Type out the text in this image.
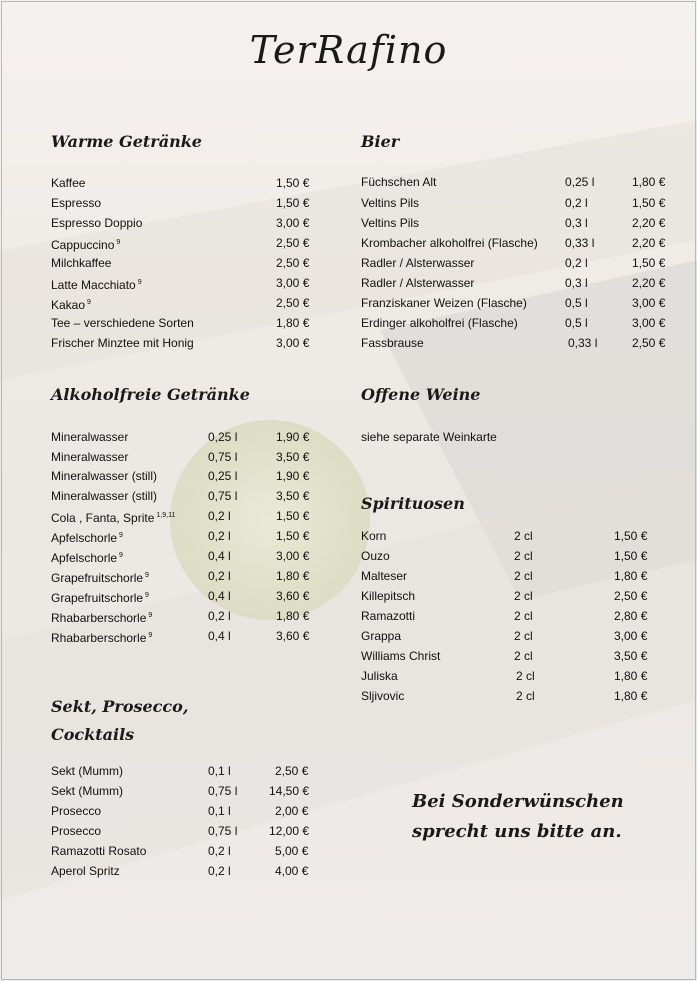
TerRafino
Warme Getränke
Kaffee	1,50 €
Espresso	1,50 €
Espresso Doppio	3,00 €
Cappuccino $^9$	2,50 €
Milchkaffee	2,50 €
Latte Macchiato $^9$	3,00 €
Kakao $^9$	2,50 €
Tee – verschiedene Sorten	1,80 €
Frischer Minztee mit Honig	3,00 €
Alkoholfreie Getränke
Mineralwasser	0,25 l	1,90 €
Mineralwasser	0,75 l	3,50 €
Mineralwasser (still)	0,25 l	1,90 €
Mineralwasser (still)	0,75 l	3,50 €
Cola , Fanta, Sprite $^{1,9,11}$	0,2 l	1,50 €
Apfelschorle $^9$	0,2 l	1,50 €
Apfelschorle $^9$	0,4 l	3,00 €
Grapefruitschorle $^9$	0,2 l	1,80 €
Grapefruitschorle $^9$	0,4 l	3,60 €
Rhabarberschorle $^9$	0,2 l	1,80 €
Rhabarberschorle $^9$	0,4 l	3,60 €
Sekt, Prosecco,
Cocktails
Sekt (Mumm)	0,1 l	2,50 €
Sekt (Mumm)	0,75 l	14,50 €
Prosecco	0,1 l	2,00 €
Prosecco	0,75 l	12,00 €
Ramazotti Rosato	0,2 l	5,00 €
Aperol Spritz	0,2 l	4,00 €
Bier
Füchschen Alt	0,25 l	1,80 €
Veltins Pils	0,2 l	1,50 €
Veltins Pils	0,3 l	2,20 €
Krombacher alkoholfrei (Flasche) 0,33 l	2,20 €
Radler / Alsterwasser	0,2 l	1,50 €
Radler / Alsterwasser	0,3 l	2,20 €
Franziskaner Weizen (Flasche)	0,5 l	3,00 €
Erdinger alkoholfrei (Flasche)	0,5 l	3,00 €
Fassbrause	0,33 l	2,50 €
Offene Weine
siehe separate Weinkarte
Spirituosen
Korn	2 cl	1,50 €
Ouzo	2 cl	1,50 €
Malteser	2 cl	1,80 €
Killepitsch	2 cl	2,50 €
Ramazotti	2 cl	2,80 €
Grappa	2 cl	3,00 €
Williams Christ	2 cl	3,50 €
Juliska	2 cl	1,80 €
Sljivovic	2 cl	1,80 €
Bei Sonderwünschen
sprecht uns bitte an.
